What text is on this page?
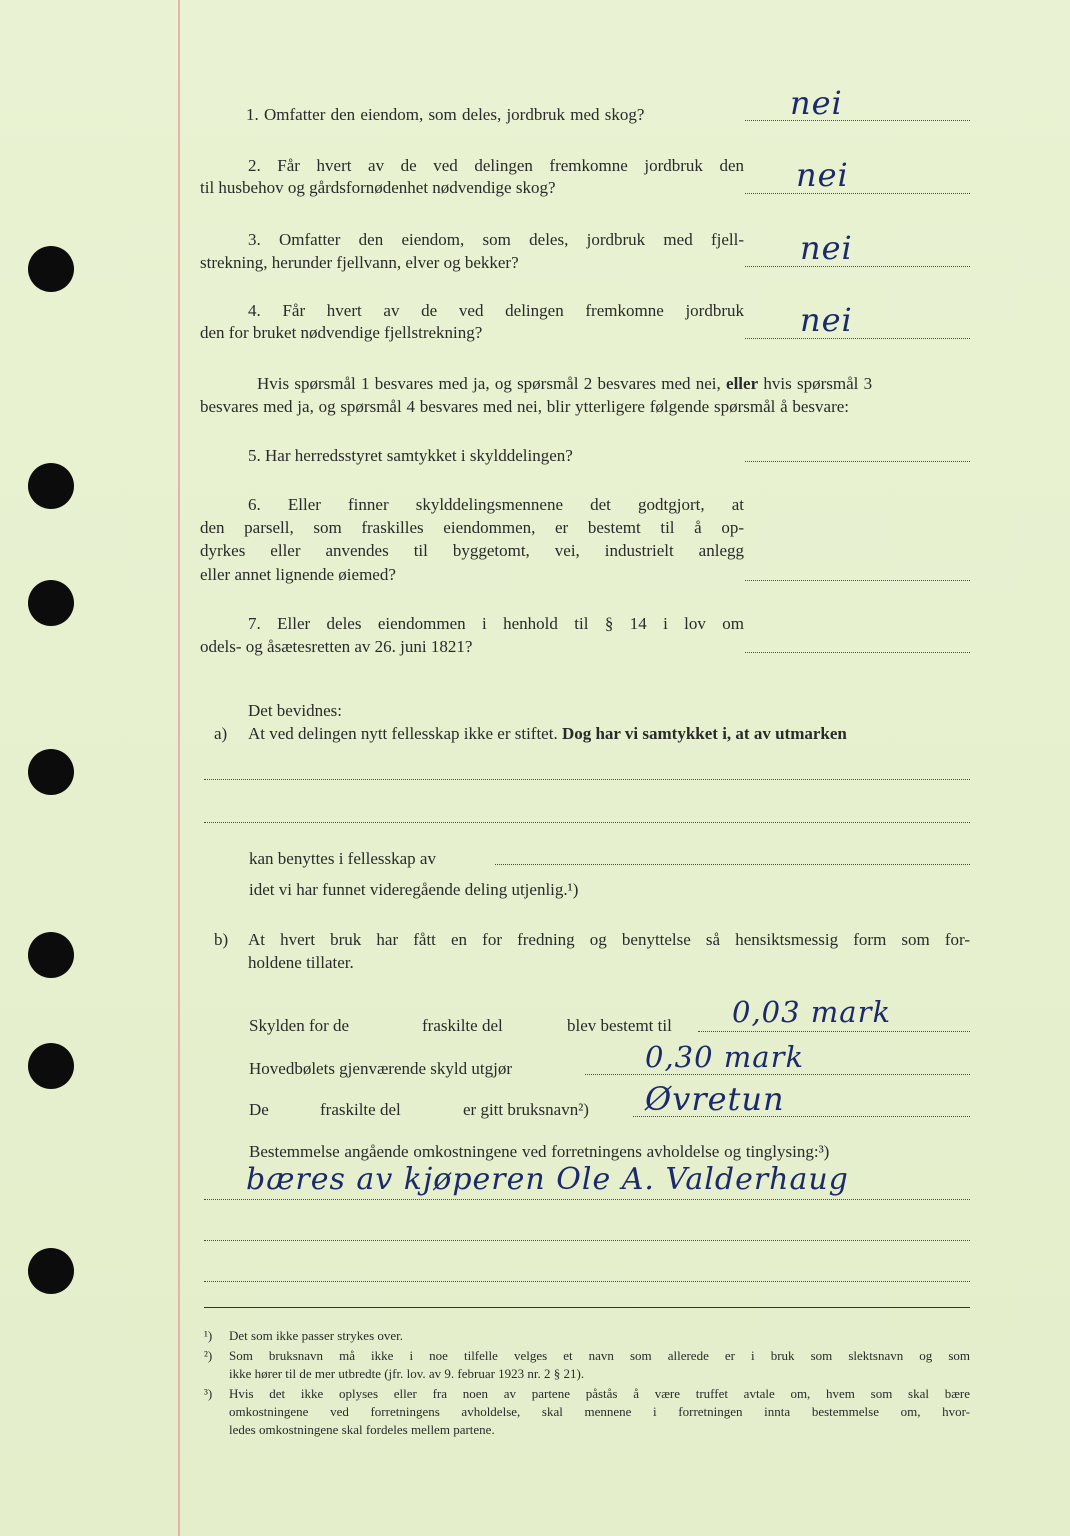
1. Omfatter den eiendom, som deles, jordbruk med skog?	nei
2. Får hvert av de ved delingen fremkomne jordbruk den
til husbehov og gårdsfornødenhet nødvendige skog?	nei
3. Omfatter den eiendom, som deles, jordbruk med fjell-
strekning, herunder fjellvann, elver og bekker?	nei
4. Får hvert av de ved delingen fremkomne jordbruk
den for bruket nødvendige fjellstrekning?	nei
Hvis spørsmål 1 besvares med ja, og spørsmål 2 besvares med nei, eller hvis spørsmål 3
besvares med ja, og spørsmål 4 besvares med nei, blir ytterligere følgende spørsmål å besvare:
5. Har herredsstyret samtykket i skylddelingen?
6. Eller finner skylddelingsmennene det godtgjort, at
den parsell, som fraskilles eiendommen, er bestemt til å op-
dyrkes eller anvendes til byggetomt, vei, industrielt anlegg
eller annet lignende øiemed?
7. Eller deles eiendommen i henhold til § 14 i lov om
odels- og åsætesretten av 26. juni 1821?
Det bevidnes:
a) At ved delingen nytt fellesskap ikke er stiftet. Dog har vi samtykket i, at av utmarken
kan benyttes i fellesskap av
idet vi har funnet videregående deling utjenlig.¹)
b) At hvert bruk har fått en for fredning og benyttelse så hensiktsmessig form som for-
holdene tillater.
Skylden for de	fraskilte del	blev bestemt til 0,03 mark
Hovedbølets gjenværende skyld utgjør	0,30 mark
De	fraskilte del	er gitt bruksnavn²) Øvretun
Bestemmelse angående omkostningene ved forretningens avholdelse og tinglysing:³)
bæres av kjøperen Ole A. Valderhaug
¹) Det som ikke passer strykes over.
²) Som bruksnavn må ikke i noe tilfelle velges et navn som allerede er i bruk som slektsnavn og som
ikke hører til de mer utbredte (jfr. lov. av 9. februar 1923 nr. 2 § 21).
³) Hvis det ikke oplyses eller fra noen av partene påstås å være truffet avtale om, hvem som skal bære
omkostningene ved forretningens avholdelse, skal mennene i forretningen innta bestemmelse om, hvor-
ledes omkostningene skal fordeles mellem partene.
